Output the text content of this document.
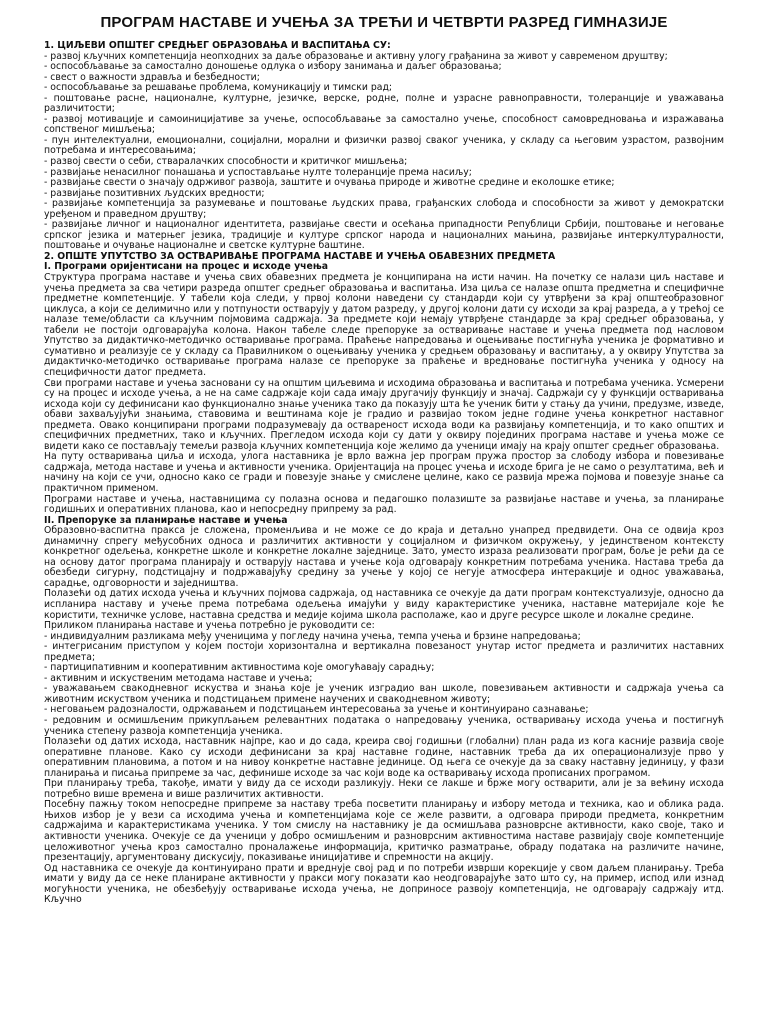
ПРОГРАМ НАСТАВЕ И УЧЕЊА ЗА ТРЕЋИ И ЧЕТВРТИ РАЗРЕД ГИМНАЗИЈЕ
1. ЦИЉЕВИ ОПШТЕГ СРЕДЊЕГ ОБРАЗОВАЊА И ВАСПИТАЊА СУ:

- развој кључних компетенција неопходних за даље образовање и активну улогу грађанина за живот у савременом друштву;

- оспособљавање за самостално доношење одлука о избору занимања и даљег образовања;

- свест о важности здравља и безбедности;

- оспособљавање за решавање проблема, комуникацију и тимски рад;

- поштовање расне, националне, културне, језичке, верске, родне, полне и узрасне равноправности, толеранције и уважавања различитости;

- развој мотивације и самоиницијативе за учење, оспособљавање за самостално учење, способност самовредновања и изражавања сопственог мишљења;

- пун интелектуални, емоционални, социјални, морални и физички развој сваког ученика, у складу са његовим узрастом, развојним потребама и интересовањима;

- развој свести о себи, стваралачких способности и критичког мишљења;

- развијање ненасилног понашања и успостављање нулте толеранције према насиљу;

- развијање свести о значају одрживог развоја, заштите и очувања природе и животне средине и еколошке етике;

- развијање позитивних људских вредности;

- развијање компетенција за разумевање и поштовање људских права, грађанских слобода и способности за живот у демократски уређеном и праведном друштву;

- развијање личног и националног идентитета, развијање свести и осећања припадности Републици Србији, поштовање и неговање српског језика и матерњег језика, традиције и културе српског народа и националних мањина, развијање интеркултуралности, поштовање и очување националне и светске културне баштине.

2. ОПШТЕ УПУТСТВО ЗА ОСТВАРИВАЊЕ ПРОГРАМА НАСТАВЕ И УЧЕЊА ОБАВЕЗНИХ ПРЕДМЕТА
I. Програми оријентисани на процес и исходе учења

Структура програма наставе и учења свих обавезних предмета је конципирана на исти начин. На почетку се налази циљ наставе и учења предмета за сва четири разреда општег средњег образовања и васпитања. Иза циља се налазе општа предметна и специфичне предметне компетенције. У табели која следи, у првој колони наведени су стандарди који су утврђени за крај општеобразовног циклуса, а који се делимично или у потпуности остварују у датом разреду, у другој колони дати су исходи за крај разреда, а у трећој се налазе теме/области са кључним појмовима садржаја. За предмете који немају утврђене стандарде за крај средњег образовања, у табели не постоји одговарајућа колона. Након табеле следе препоруке за остваривање наставе и учења предмета под насловом Упутство за дидактичко-методичко остваривање програма. Праћење напредовања и оцењивање постигнућа ученика је формативно и сумативно и реализује се у складу са Правилником о оцењивању ученика у средњем образовању и васпитању, а у оквиру Упутства за дидактичко-методичко остваривање програма налазе се препоруке за праћење и вредновање постигнућа ученика у односу на специфичности датог предмета.

Сви програми наставе и учења засновани су на општим циљевима и исходима образовања и васпитања и потребама ученика. Усмерени су на процес и исходе учења, а не на саме садржаје који сада имају другачију функцију и значај. Садржаји су у функцији остваривања исхода који су дефинисани као функционално знање ученика тако да показују шта ће ученик бити у стању да учини, предузме, изведе, обави захваљујући знањима, ставовима и вештинама које је градио и развијао током једне године учења конкретног наставног предмета. Овако конципирани програми подразумевају да оствареност исхода води ка развијању компетенција, и то како општих и специфичних предметних, тако и кључних. Прегледом исхода који су дати у оквиру појединих програма наставе и учења може се видети како се постављају темељи развоја кључних компетенција које желимо да ученици имају на крају општег средњег образовања.

На путу остваривања циља и исхода, улога наставника је врло важна јер програм пружа простор за слободу избора и повезивање садржаја, метода наставе и учења и активности ученика. Оријентација на процес учења и исходе брига је не само о резултатима, већ и начину на који се учи, односно како се гради и повезује знање у смислене целине, како се развија мрежа појмова и повезује знање са практичном применом.

Програми наставе и учења, наставницима су полазна основа и педагошко полазиште за развијање наставе и учења, за планирање годишњих и оперативних планова, као и непосредну припрему за рад.

II. Препоруке за планирање наставе и учења

Образовно-васпитна пракса је сложена, променљива и не може се до краја и детаљно унапред предвидети. Она се одвија кроз динамичну спрегу међусобних односа и различитих активности у социјалном и физичком окружењу, у јединственом контексту конкретног одељења, конкретне школе и конкретне локалне заједнице. Зато, уместо израза реализовати програм, боље је рећи да се на основу датог програма планирају и остварују настава и учење која одговарају конкретним потребама ученика. Настава треба да обезбеди сигурну, подстицајну и подржавајућу средину за учење у којој се негује атмосфера интеракције и однос уважавања, сарадње, одговорности и заједништва.

Полазећи од датих исхода учења и кључних појмова садржаја, од наставника се очекује да дати програм контекстуализује, односно да испланира наставу и учење према потребама одељења имајући у виду карактеристике ученика, наставне материјале које ће користити, техничке услове, наставна средства и медије којима школа располаже, као и друге ресурсе школе и локалне средине.

Приликом планирања наставе и учења потребно је руководити се:

- индивидуалним разликама међу ученицима у погледу начина учења, темпа учења и брзине напредовања;

- интегрисаним приступом у којем постоји хоризонтална и вертикална повезаност унутар истог предмета и различитих наставних предмета;

- партиципативним и кооперативним активностима које омогућавају сарадњу;

- активним и искуственим методама наставе и учења;

- уважавањем свакодневног искуства и знања које је ученик изградио ван школе, повезивањем активности и садржаја учења са животним искуством ученика и подстицањем примене научених и свакодневном животу;

- неговањем радозналости, одржавањем и подстицањем интересовања за учење и континуирано сазнавање;

- редовним и осмишљеним прикупљањем релевантних података о напредовању ученика, остваривању исхода учења и постигнућ ученика степену развоја компетенција ученика.

Полазећи од датих исхода, наставник најпре, као и до сада, креира свој годишњи (глобални) план рада из кога касније развија своје оперативне планове. Како су исходи дефинисани за крај наставне године, наставник треба да их операционализује прво у оперативним плановима, а потом и на нивоу конкретне наставне јединице. Од њега се очекује да за сваку наставну јединицу, у фази планирања и писања припреме за час, дефинише исходе за час који воде ка остваривању исхода прописаних програмом.

При планирању треба, такође, имати у виду да се исходи разликују. Неки се лакше и брже могу остварити, али је за већину исхода потребно више времена и више различитих активности.

Посебну пажњу током непосредне припреме за наставу треба посветити планирању и избору метода и техника, као и облика рада. Њихов избор је у вези са исходима учења и компетенцијама које се желе развити, а одговара природи предмета, конкретним садржајима и карактеристикама ученика. У том смислу на наставнику је да осмишљава разноврсне активности, како своје, тако и активности ученика. Очекује се да ученици у добро осмишљеним и разноврсним активностима наставе развијају своје компетенције целоживотног учења кроз самостално проналажење информација, критичко разматрање, обраду података на различите начине, презентацију, аргументовану дискусију, показивање иницијативе и спремности на акцију.

Од наставника се очекује да континуирано прати и вреднује свој рад и по потреби изврши корекције у свом даљем планирању. Треба имати у виду да се неке планиране активности у пракси могу показати као неодговарајуће зато што су, на пример, испод или изнад могућности ученика, не обезбеђују остваривање исхода учења, не доприносе развоју компетенција, не одговарају садржају итд. Кључно
